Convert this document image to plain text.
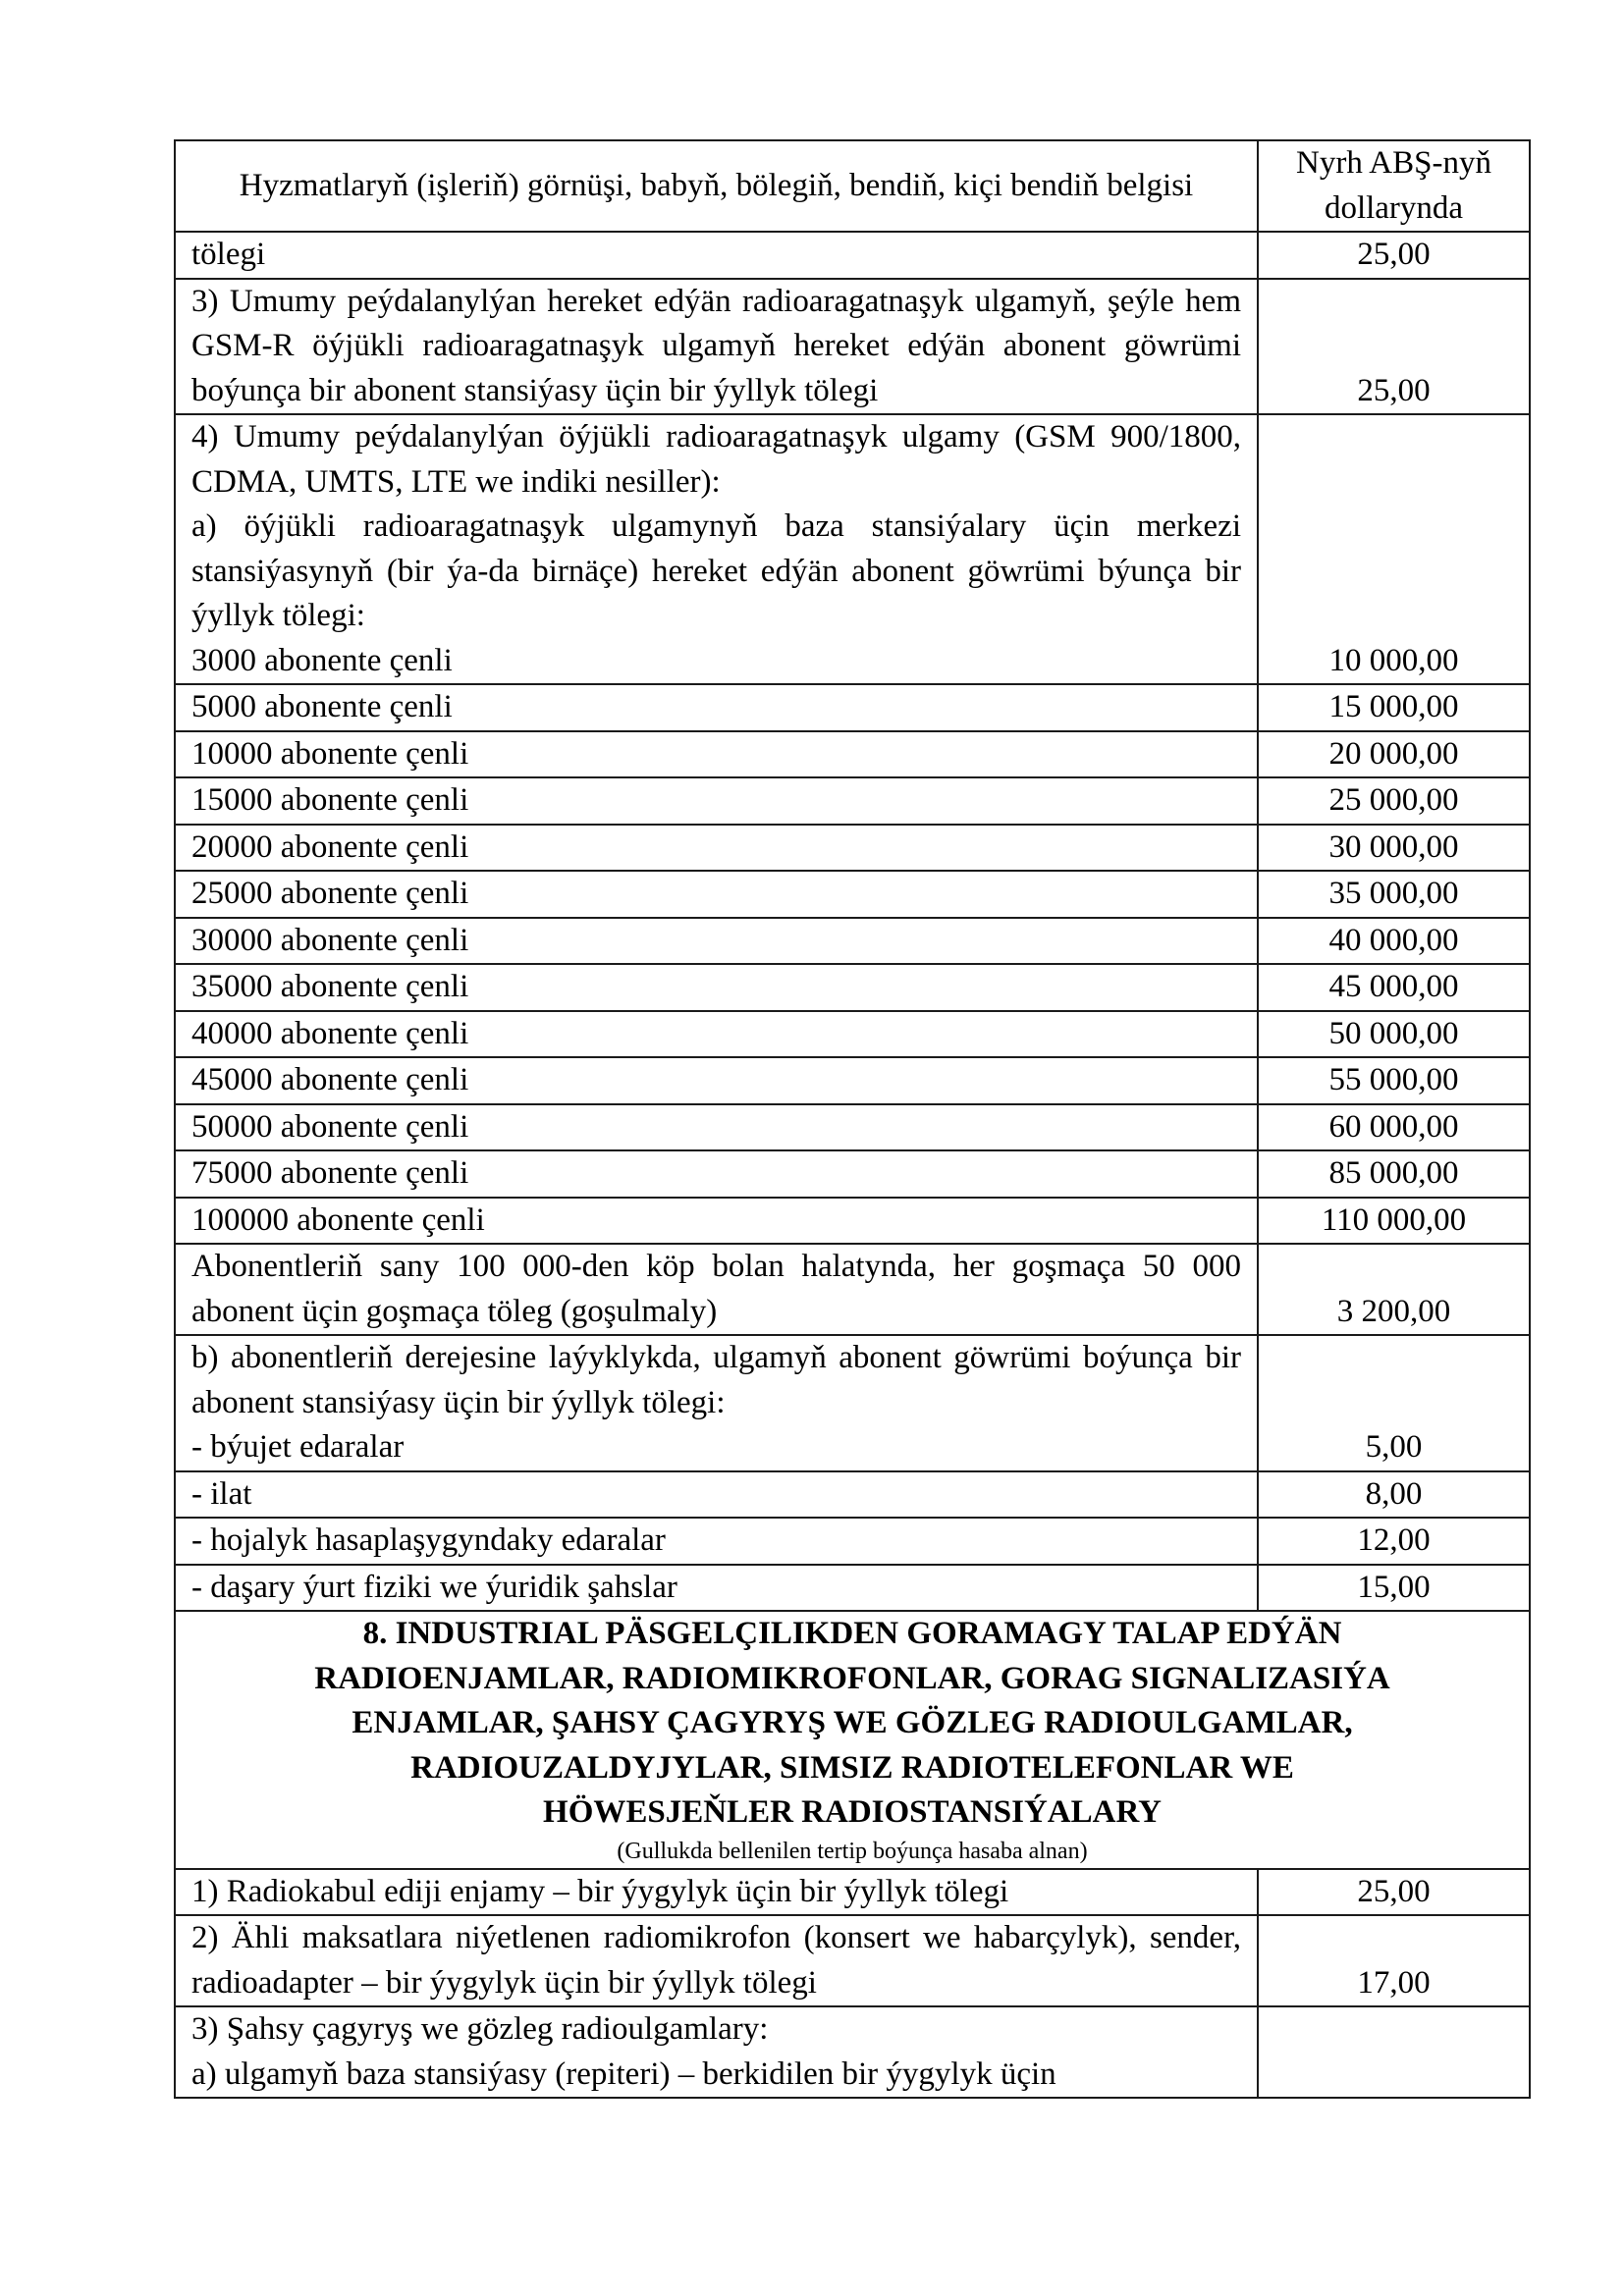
Hyzmatlaryň (işleriň) görnüşi, babyň, bölegiň, bendiň, kiçi bendiň belgisi	Nyrh ABŞ-nyň dollarynda

tölegi	25,00

3) Umumy peýdalanylýan hereket edýän radioaragatnaşyk ulgamyň, şeýle hem GSM-R öýjükli radioaragatnaşyk ulgamyň hereket edýän abonent göwrümi boýunça bir abonent stansiýasy üçin bir ýyllyk tölegi	25,00

4) Umumy peýdalanylýan öýjükli radioaragatnaşyk ulgamy (GSM 900/1800, CDMA, UMTS, LTE we indiki nesiller):
a) öýjükli radioaragatnaşyk ulgamynyň baza stansiýalary üçin merkezi stansiýasynyň (bir ýa-da birnäçe) hereket edýän abonent göwrümi býunça bir ýyllyk tölegi:
3000 abonente çenli	10 000,00

5000 abonente çenli	15 000,00

10000 abonente çenli	20 000,00

15000 abonente çenli	25 000,00

20000 abonente çenli	30 000,00

25000 abonente çenli	35 000,00

30000 abonente çenli	40 000,00

35000 abonente çenli	45 000,00

40000 abonente çenli	50 000,00

45000 abonente çenli	55 000,00

50000 abonente çenli	60 000,00

75000 abonente çenli	85 000,00

100000 abonente çenli	110 000,00

Abonentleriň sany 100 000-den köp bolan halatynda, her goşmaça 50 000 abonent üçin goşmaça töleg (goşulmaly)	3 200,00

b) abonentleriň derejesine laýyklykda, ulgamyň abonent göwrümi boýunça bir abonent stansiýasy üçin bir ýyllyk tölegi:
- býujet edaralar	5,00

- ilat	8,00

- hojalyk hasaplaşygyndaky edaralar	12,00

- daşary ýurt fiziki we ýuridik şahslar	15,00

8. INDUSTRIAL PÄSGELÇILIKDEN GORAMAGY TALAP EDÝÄN
RADIOENJAMLAR, RADIOMIKROFONLAR, GORAG SIGNALIZASIÝA
ENJAMLAR, ŞAHSY ÇAGYRYŞ WE GÖZLEG RADIOULGAMLAR,
RADIOUZALDYJYLAR, SIMSIZ RADIOTELEFONLAR WE
HÖWESJEŇLER RADIOSTANSIÝALARY
(Gullukda bellenilen tertip boýunça hasaba alnan)

1) Radiokabul ediji enjamy – bir ýygylyk üçin bir ýyllyk tölegi	25,00

2) Ähli maksatlara niýetlenen radiomikrofon (konsert we habarçylyk), sender, radioadapter – bir ýygylyk üçin bir ýyllyk tölegi	17,00

3) Şahsy çagyryş we gözleg radioulgamlary:
a) ulgamyň baza stansiýasy (repiteri) – berkidilen bir ýygylyk üçin	
